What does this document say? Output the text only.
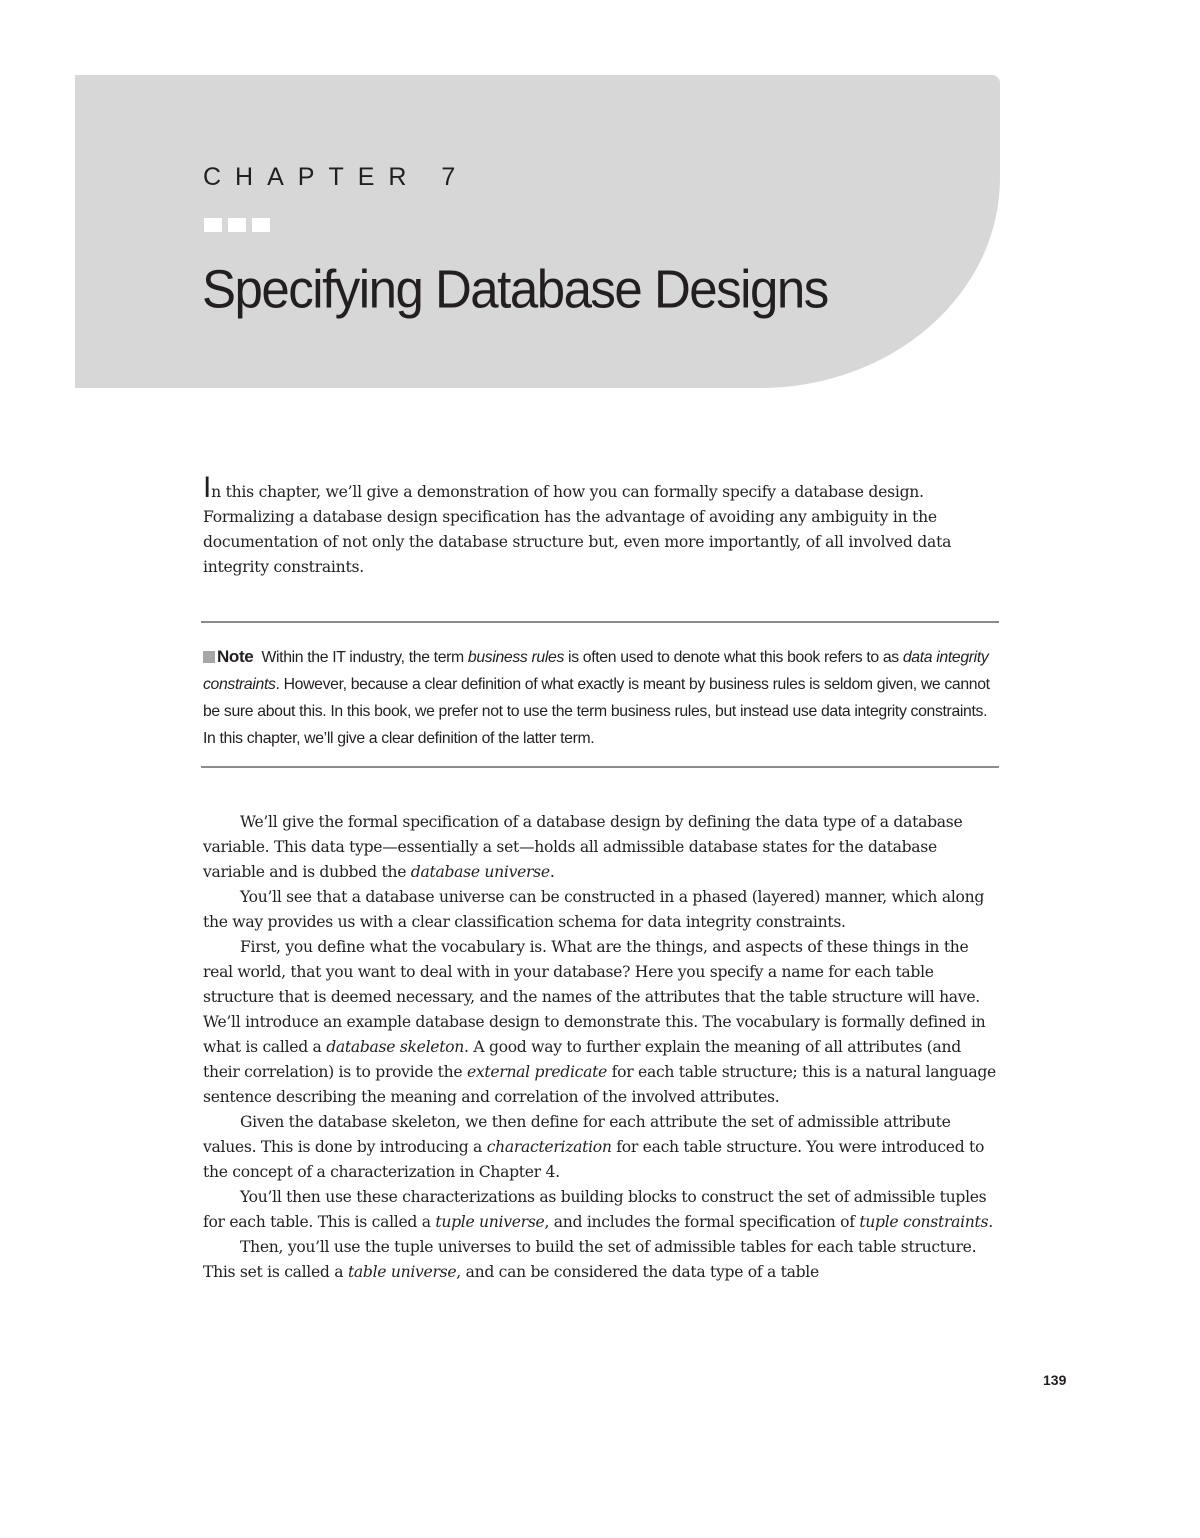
CHAPTER 7
Specifying Database Designs

In this chapter, we’ll give a demonstration of how you can formally specify a database design. Formalizing a database design specification has the advantage of avoiding any ambiguity in the documentation of not only the database structure but, even more importantly, of all involved data integrity constraints.

Note Within the IT industry, the term business rules is often used to denote what this book refers to as data integrity constraints. However, because a clear definition of what exactly is meant by business rules is seldom given, we cannot be sure about this. In this book, we prefer not to use the term business rules, but instead use data integrity constraints. In this chapter, we’ll give a clear definition of the latter term.

We’ll give the formal specification of a database design by defining the data type of a database variable. This data type—essentially a set—holds all admissible database states for the database variable and is dubbed the database universe.

You’ll see that a database universe can be constructed in a phased (layered) manner, which along the way provides us with a clear classification schema for data integrity constraints.

First, you define what the vocabulary is. What are the things, and aspects of these things in the real world, that you want to deal with in your database? Here you specify a name for each table structure that is deemed necessary, and the names of the attributes that the table structure will have. We’ll introduce an example database design to demonstrate this. The vocabulary is formally defined in what is called a database skeleton. A good way to further explain the meaning of all attributes (and their correlation) is to provide the external predicate for each table structure; this is a natural language sentence describing the meaning and correlation of the involved attributes.

Given the database skeleton, we then define for each attribute the set of admissible attribute values. This is done by introducing a characterization for each table structure. You were introduced to the concept of a characterization in Chapter 4.

You’ll then use these characterizations as building blocks to construct the set of admissible tuples for each table. This is called a tuple universe, and includes the formal specification of tuple constraints.

Then, you’ll use the tuple universes to build the set of admissible tables for each table structure. This set is called a table universe, and can be considered the data type of a table

139
